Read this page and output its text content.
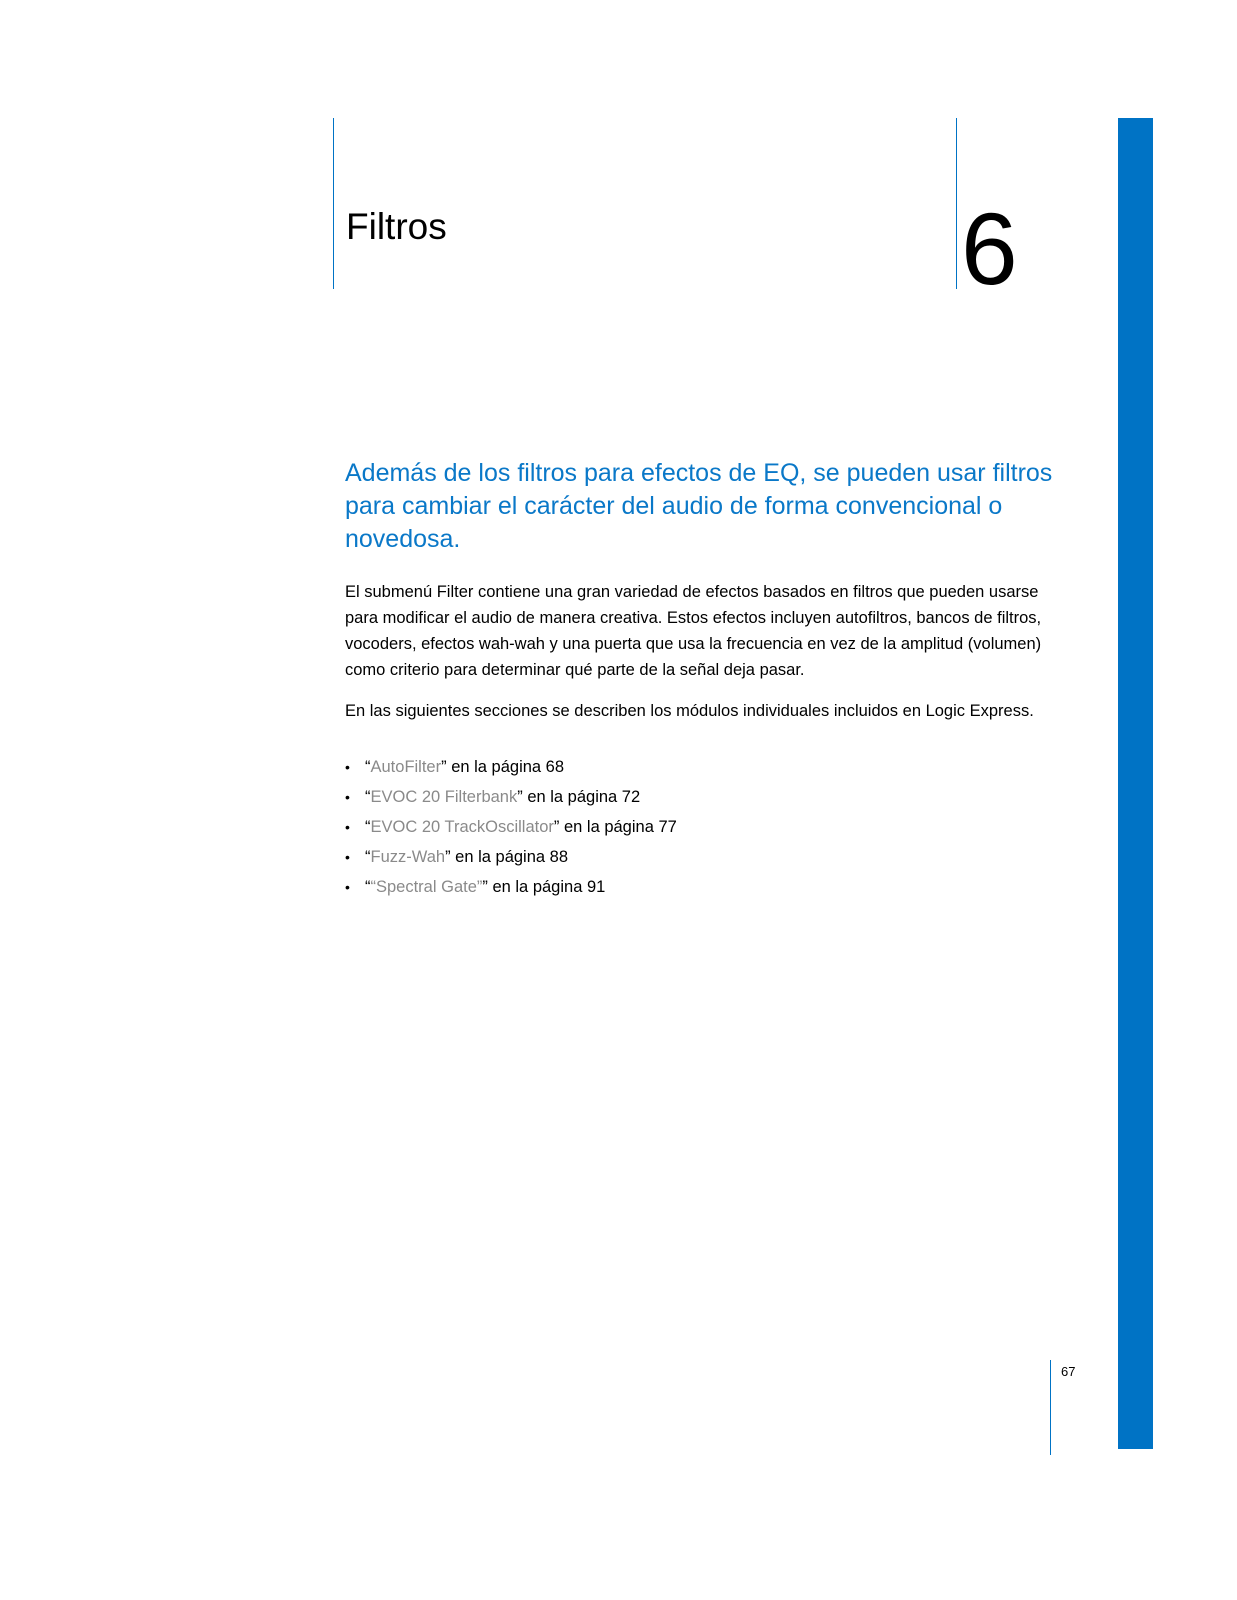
Filtros	6
Además de los filtros para efectos de EQ, se pueden usar filtros para cambiar el carácter del audio de forma convencional o novedosa.
El submenú Filter contiene una gran variedad de efectos basados en filtros que pueden usarse para modificar el audio de manera creativa. Estos efectos incluyen autofiltros, bancos de filtros, vocoders, efectos wah-wah y una puerta que usa la frecuencia en vez de la amplitud (volumen) como criterio para determinar qué parte de la señal deja pasar.
En las siguientes secciones se describen los módulos individuales incluidos en Logic Express.
• “AutoFilter” en la página 68
• “EVOC 20 Filterbank” en la página 72
• “EVOC 20 TrackOscillator” en la página 77
• “Fuzz-Wah” en la página 88
• ““Spectral Gate”” en la página 91
67
